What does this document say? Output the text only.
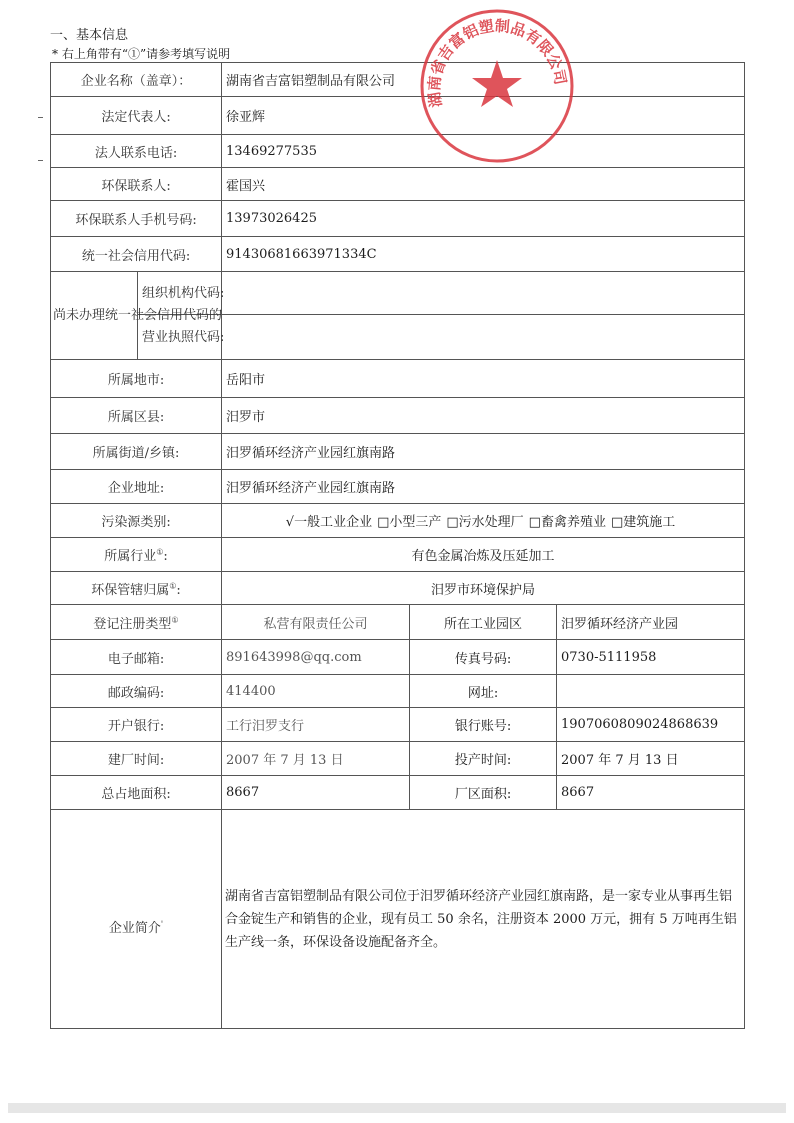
一、基本信息
* 右上角带有“①”请参考填写说明
企业名称（盖章）：		湖南省吉富铝塑制品有限公司		
法定代表人:		徐亚辉		
法人联系电话:		13469277535		
环保联系人:		霍国兴		
环保联系人手机号码:		13973026425		
统一社会信用代码:		91430681663971334C		
尚未办理统一社会信用代码的	组织机构代码:			
	营业执照代码:			
所属地市:		岳阳市		
所属区县:		汨罗市		
所属街道/乡镇:		汨罗循环经济产业园红旗南路		
企业地址:		汨罗循环经济产业园红旗南路		
污染源类别:		√一般工业企业 □小型三产 □污水处理厂 □畜禽养殖业 □建筑施工		
所属行业①:		有色金属冶炼及压延加工		
环保管辖归属①:		汨罗市环境保护局		
登记注册类型①		私营有限责任公司	所在工业园区	汨罗循环经济产业园
电子邮箱:		891643998@qq.com	传真号码:	0730-5111958
邮政编码:		414400	网址:	
开户银行:		工行汨罗支行	银行账号:	1907060809024868639
建厂时间:		2007 年 7 月 13 日	投产时间:	2007 年 7 月 13 日
总占地面积:		8667	厂区面积:	8667
企业简介'		湖南省吉富铝塑制品有限公司位于汨罗循环经济产业园红旗南路，是一家专业从事再生铝合金锭生产和销售的企业，现有员工 50 余名，注册资本 2000 万元，拥有 5 万吨再生铝生产线一条，环保设备设施配备齐全。		
湖南省吉富铝塑制品有限公司
